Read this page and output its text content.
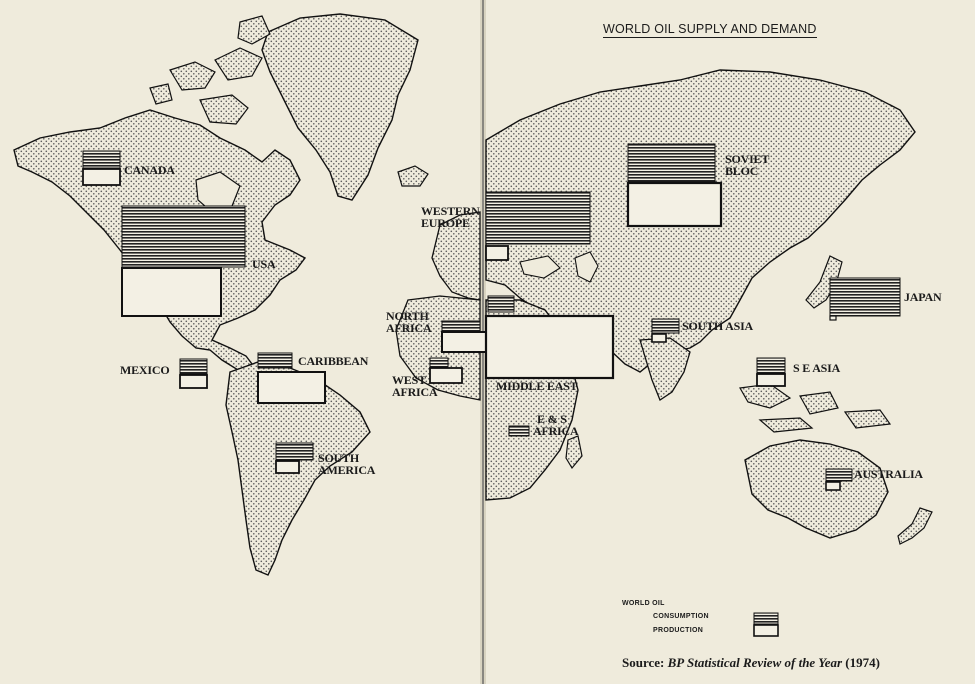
CANADA
USA
MEXICO
CARIBBEAN
SOUTH
AMERICA
WESTERN
EUROPE
NORTH
AFRICA
WEST
AFRICA	MIDDLE EAST
E & S
AFRICA
SOVIET
BLOC
SOUTH ASIA
S E ASIA
JAPAN
AUSTRALIA
WORLD OIL SUPPLY AND DEMAND
WORLD OIL
CONSUMPTION
PRODUCTION
Source: BP Statistical Review of the Year (1974)
